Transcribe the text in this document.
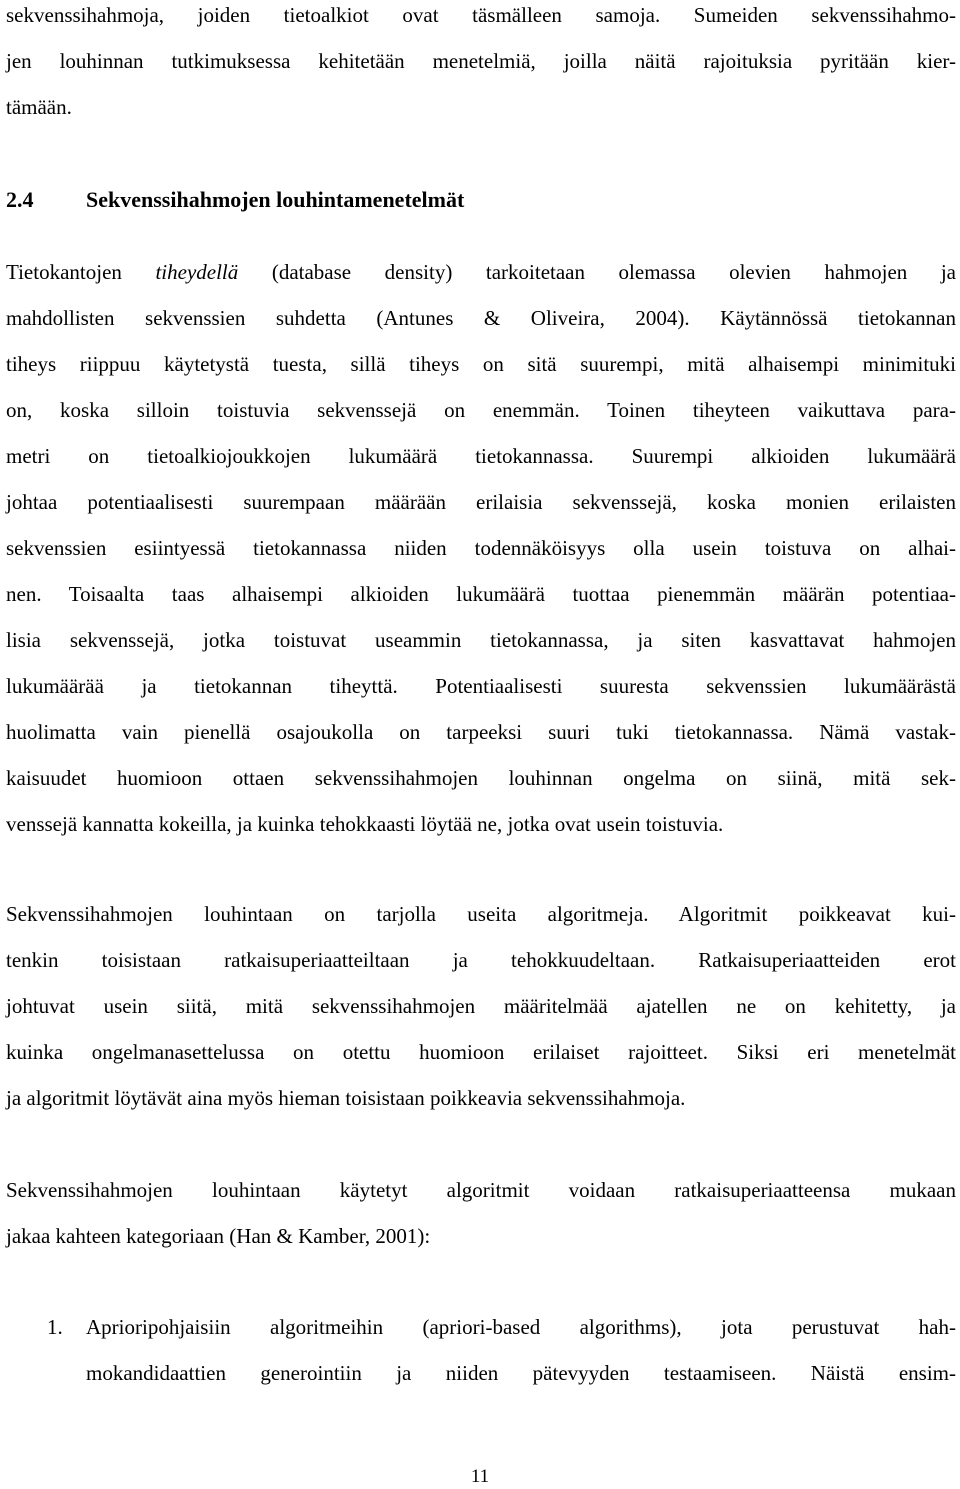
sekvenssihahmoja, joiden tietoalkiot ovat täsmälleen samoja. Sumeiden sekvenssihahmo-
jen louhinnan tutkimuksessa kehitetään menetelmiä, joilla näitä rajoituksia pyritään kier-
tämään.
2.4 Sekvenssihahmojen louhintamenetelmät
Tietokantojen tiheydellä (database density) tarkoitetaan olemassa olevien hahmojen ja
mahdollisten sekvenssien suhdetta (Antunes & Oliveira, 2004). Käytännössä tietokannan
tiheys riippuu käytetystä tuesta, sillä tiheys on sitä suurempi, mitä alhaisempi minimituki
on, koska silloin toistuvia sekvenssejä on enemmän. Toinen tiheyteen vaikuttava para-
metri on tietoalkiojoukkojen lukumäärä tietokannassa. Suurempi alkioiden lukumäärä
johtaa potentiaalisesti suurempaan määrään erilaisia sekvenssejä, koska monien erilaisten
sekvenssien esiintyessä tietokannassa niiden todennäköisyys olla usein toistuva on alhai-
nen. Toisaalta taas alhaisempi alkioiden lukumäärä tuottaa pienemmän määrän potentiaa-
lisia sekvenssejä, jotka toistuvat useammin tietokannassa, ja siten kasvattavat hahmojen
lukumäärää ja tietokannan tiheyttä. Potentiaalisesti suuresta sekvenssien lukumäärästä
huolimatta vain pienellä osajoukolla on tarpeeksi suuri tuki tietokannassa. Nämä vastak-
kaisuudet huomioon ottaen sekvenssihahmojen louhinnan ongelma on siinä, mitä sek-
venssejä kannatta kokeilla, ja kuinka tehokkaasti löytää ne, jotka ovat usein toistuvia.
Sekvenssihahmojen louhintaan on tarjolla useita algoritmeja. Algoritmit poikkeavat kui-
tenkin toisistaan ratkaisuperiaatteiltaan ja tehokkuudeltaan. Ratkaisuperiaatteiden erot
johtuvat usein siitä, mitä sekvenssihahmojen määritelmää ajatellen ne on kehitetty, ja
kuinka ongelmanasettelussa on otettu huomioon erilaiset rajoitteet. Siksi eri menetelmät
ja algoritmit löytävät aina myös hieman toisistaan poikkeavia sekvenssihahmoja.
Sekvenssihahmojen louhintaan käytetyt algoritmit voidaan ratkaisuperiaatteensa mukaan
jakaa kahteen kategoriaan (Han & Kamber, 2001):
1. Aprioripohjaisiin algoritmeihin (apriori-based algorithms), jota perustuvat hah-
mokandidaattien generointiin ja niiden pätevyyden testaamiseen. Näistä ensim-
11
